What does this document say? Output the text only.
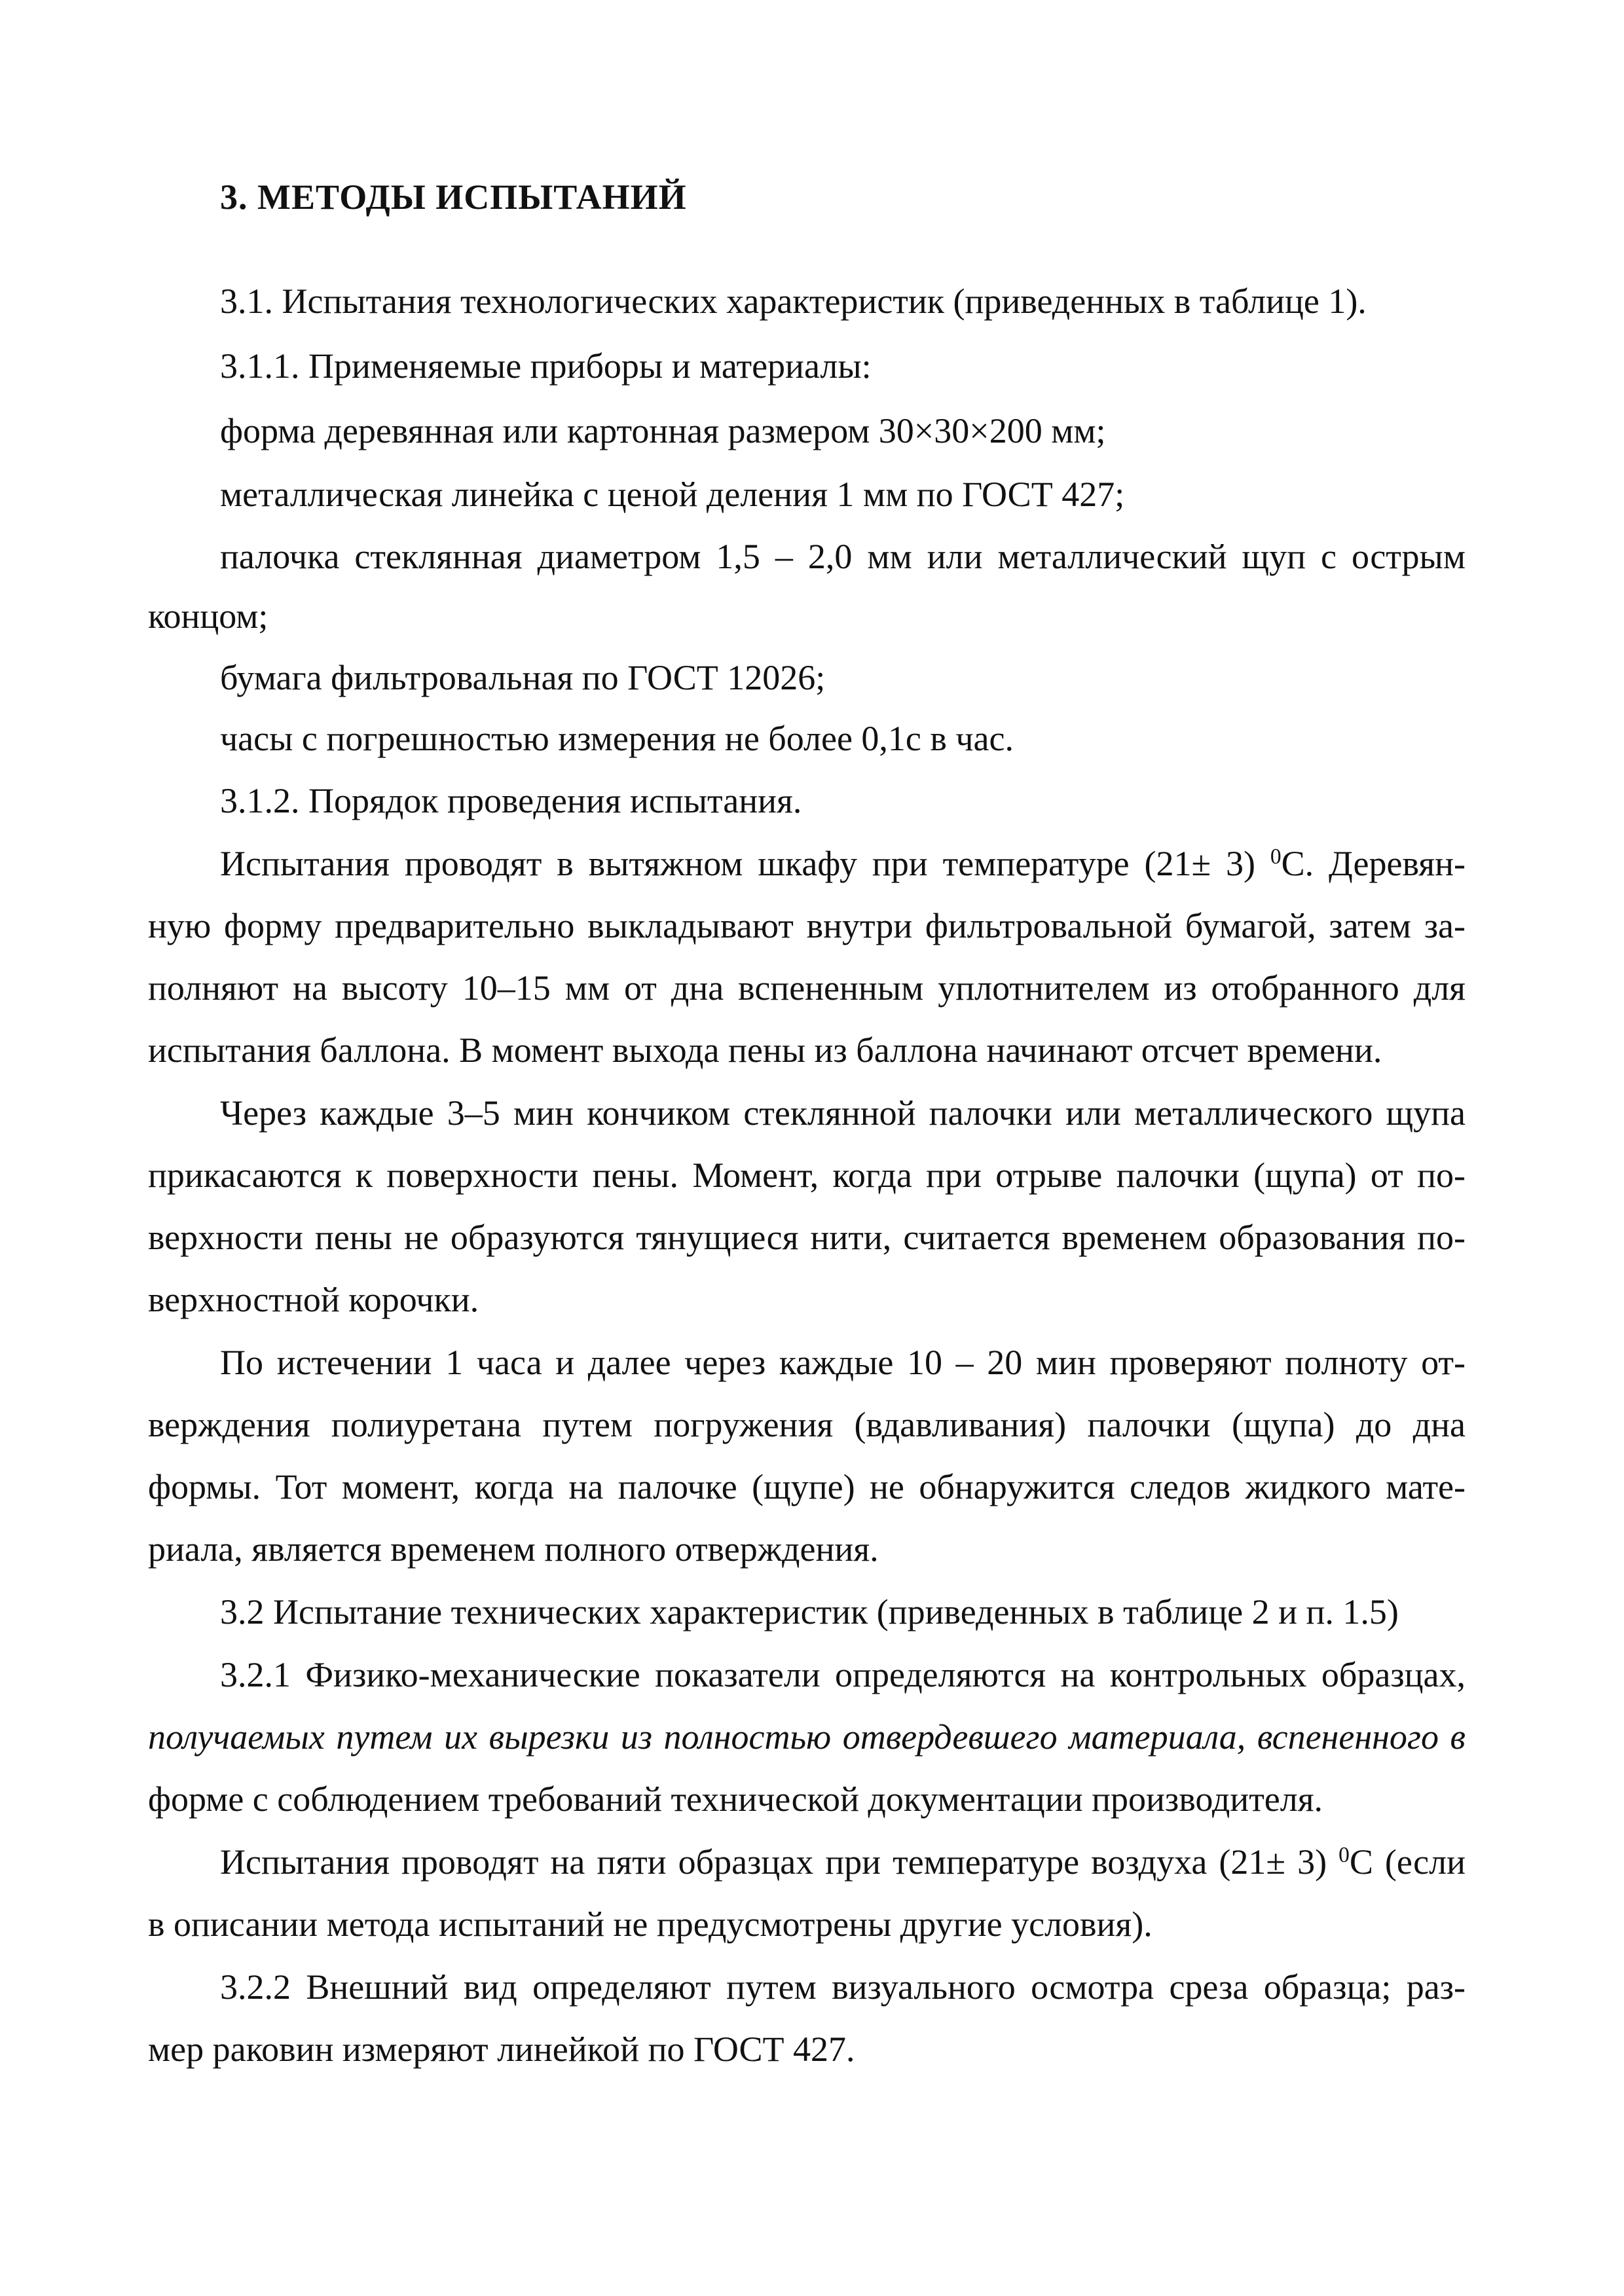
3. МЕТОДЫ ИСПЫТАНИЙ
3.1. Испытания технологических характеристик (приведенных в таблице 1).
3.1.1. Применяемые приборы и материалы:
форма деревянная или картонная размером 30×30×200 мм;
металлическая линейка с ценой деления 1 мм по ГОСТ 427;
палочка стеклянная диаметром 1,5 – 2,0 мм или металлический щуп с острым
концом;
бумага фильтровальная по ГОСТ 12026;
часы с погрешностью измерения не более 0,1с в час.
3.1.2. Порядок проведения испытания.
Испытания проводят в вытяжном шкафу при температуре (21± 3) $^0$С. Деревян-
ную форму предварительно выкладывают внутри фильтровальной бумагой, затем за-
полняют на высоту 10–15 мм от дна вспененным уплотнителем из отобранного для
испытания баллона. В момент выхода пены из баллона начинают отсчет времени.
Через каждые 3–5 мин кончиком стеклянной палочки или металлического щупа
прикасаются к поверхности пены. Момент, когда при отрыве палочки (щупа) от по-
верхности пены не образуются тянущиеся нити, считается временем образования по-
верхностной корочки.
По истечении 1 часа и далее через каждые 10 – 20 мин проверяют полноту от-
верждения полиуретана путем погружения (вдавливания) палочки (щупа) до дна
формы. Тот момент, когда на палочке (щупе) не обнаружится следов жидкого мате-
риала, является временем полного отверждения.
3.2 Испытание технических характеристик (приведенных в таблице 2 и п. 1.5)
3.2.1 Физико-механические показатели определяются на контрольных образцах,
получаемых путем их вырезки из полностью отвердевшего материала, вспененного в
форме с соблюдением требований технической документации производителя.
Испытания проводят на пяти образцах при температуре воздуха (21± 3) $^0$С (если
в описании метода испытаний не предусмотрены другие условия).
3.2.2 Внешний вид определяют путем визуального осмотра среза образца; раз-
мер раковин измеряют линейкой по ГОСТ 427.
